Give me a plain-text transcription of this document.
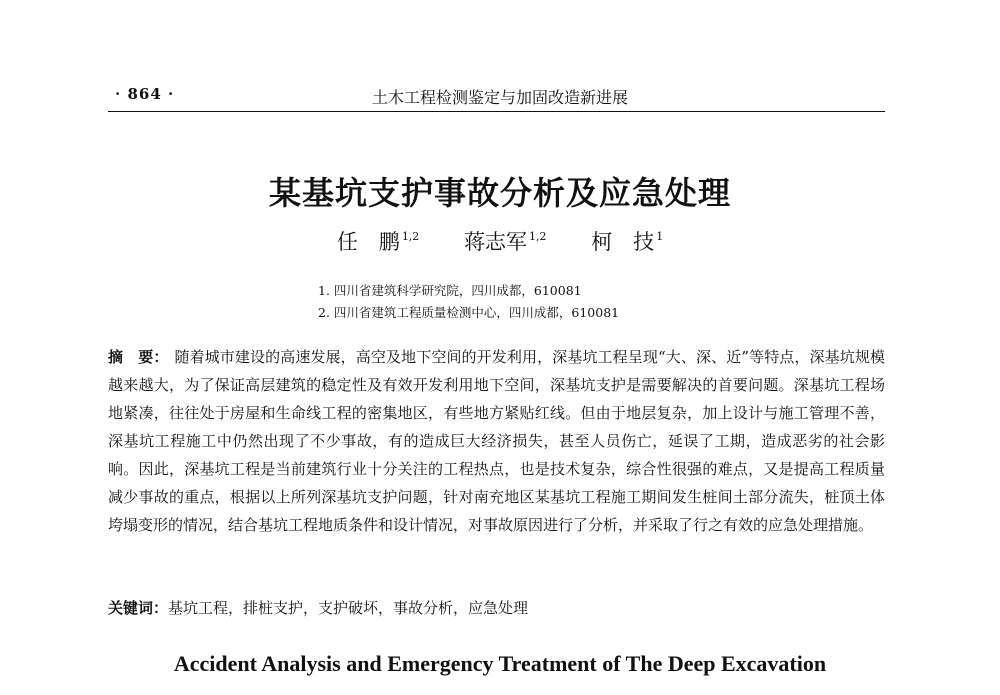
· 864 ·	土木工程检测鉴定与加固改造新进展
某基坑支护事故分析及应急处理
任　鹏 $^{1,2}$ 蒋志军 $^{1,2}$ 柯　技 $^1$
1. 四川省建筑科学研究院，四川成都，610081
2. 四川省建筑工程质量检测中心，四川成都，610081
摘　要： 随着城市建设的高速发展，高空及地下空间的开发利用，深基坑工程呈现“大、深、近”等特点，深基坑规模越来越大，为了保证高层建筑的稳定性及有效开发利用地下空间，深基坑支护是需要解决的首要问题。深基坑工程场地紧凑，往往处于房屋和生命线工程的密集地区，有些地方紧贴红线。但由于地层复杂，加上设计与施工管理不善，深基坑工程施工中仍然出现了不少事故，有的造成巨大经济损失，甚至人员伤亡，延误了工期，造成恶劣的社会影响。因此，深基坑工程是当前建筑行业十分关注的工程热点，也是技术复杂，综合性很强的难点，又是提高工程质量减少事故的重点，根据以上所列深基坑支护问题，针对南充地区某基坑工程施工期间发生桩间土部分流失，桩顶土体垮塌变形的情况，结合基坑工程地质条件和设计情况，对事故原因进行了分析，并采取了行之有效的应急处理措施。
关键词：基坑工程，排桩支护，支护破坏，事故分析，应急处理
Accident Analysis and Emergency Treatment of The Deep Excavation
